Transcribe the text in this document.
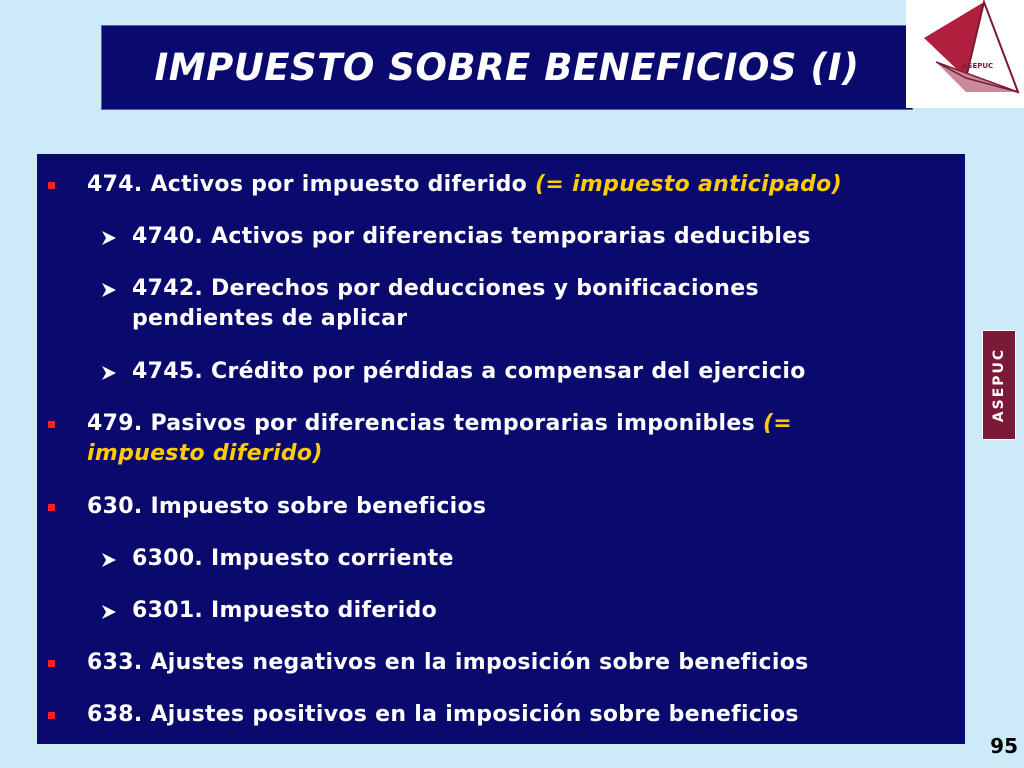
IMPUESTO SOBRE BENEFICIOS (I)	ASEPUC
474. Activos por impuesto diferido (= impuesto anticipado)
4740. Activos por diferencias temporarias deducibles
4742. Derechos por deducciones y bonificaciones
pendientes de aplicar
4745. Crédito por pérdidas a compensar del ejercicio
479. Pasivos por diferencias temporarias imponibles (=
impuesto diferido)
630. Impuesto sobre beneficios
6300. Impuesto corriente
6301. Impuesto diferido
633. Ajustes negativos en la imposición sobre beneficios
638. Ajustes positivos en la imposición sobre beneficios
ASEPUC
95
